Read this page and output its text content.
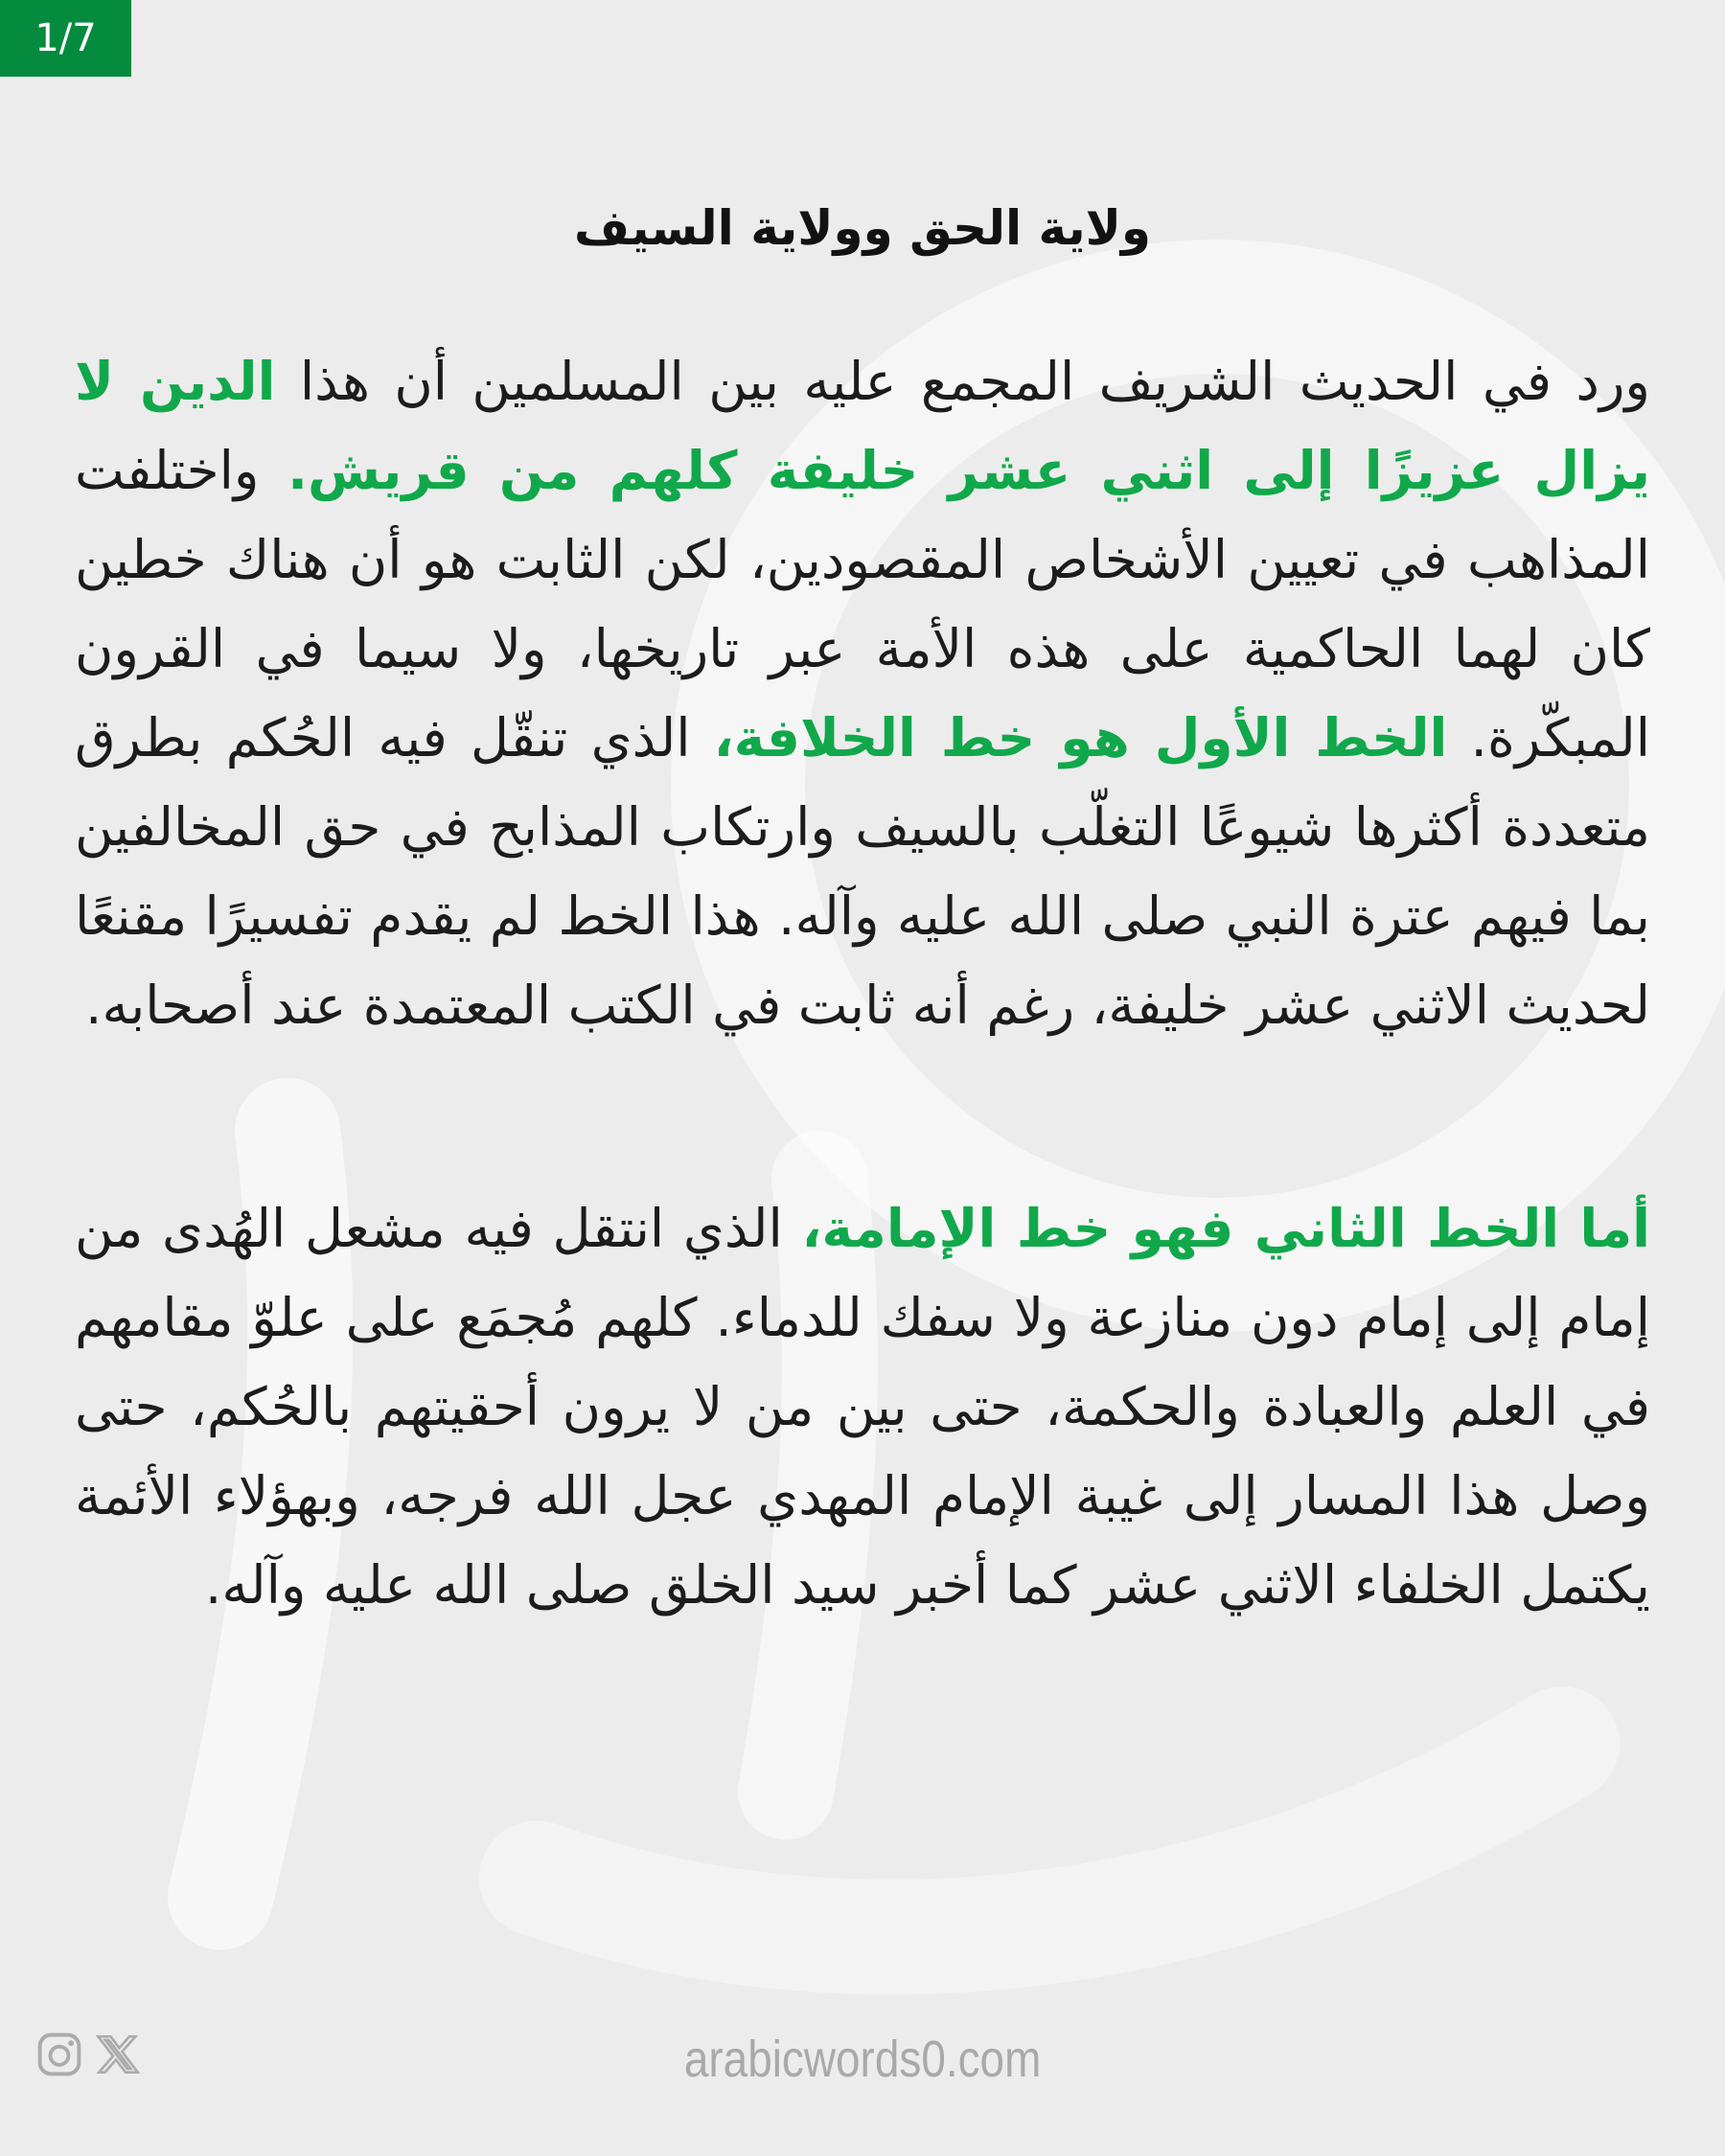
1/7
ولاية الحق وولاية السيف

ورد في الحديث الشريف المجمع عليه بين المسلمين أن هذا الدين لا يزال عزيزًا إلى اثني عشر خليفة كلهم من قريش. واختلفت المذاهب في تعيين الأشخاص المقصودين، لكن الثابت هو أن هناك خطين كان لهما الحاكمية على هذه الأمة عبر تاريخها، ولا سيما في القرون المبكّرة. الخط الأول هو خط الخلافة، الذي تنقّل فيه الحُكم بطرق متعددة أكثرها شيوعًا التغلّب بالسيف وارتكاب المذابح في حق المخالفين بما فيهم عترة النبي صلى الله عليه وآله. هذا الخط لم يقدم تفسيرًا مقنعًا لحديث الاثني عشر خليفة، رغم أنه ثابت في الكتب المعتمدة عند أصحابه.

أما الخط الثاني فهو خط الإمامة، الذي انتقل فيه مشعل الهُدى من إمام إلى إمام دون منازعة ولا سفك للدماء. كلهم مُجمَع على علوّ مقامهم في العلم والعبادة والحكمة، حتى بين من لا يرون أحقيتهم بالحُكم، حتى وصل هذا المسار إلى غيبة الإمام المهدي عجل الله فرجه، وبهؤلاء الأئمة يكتمل الخلفاء الاثني عشر كما أخبر سيد الخلق صلى الله عليه وآله.

arabicwords0.com
